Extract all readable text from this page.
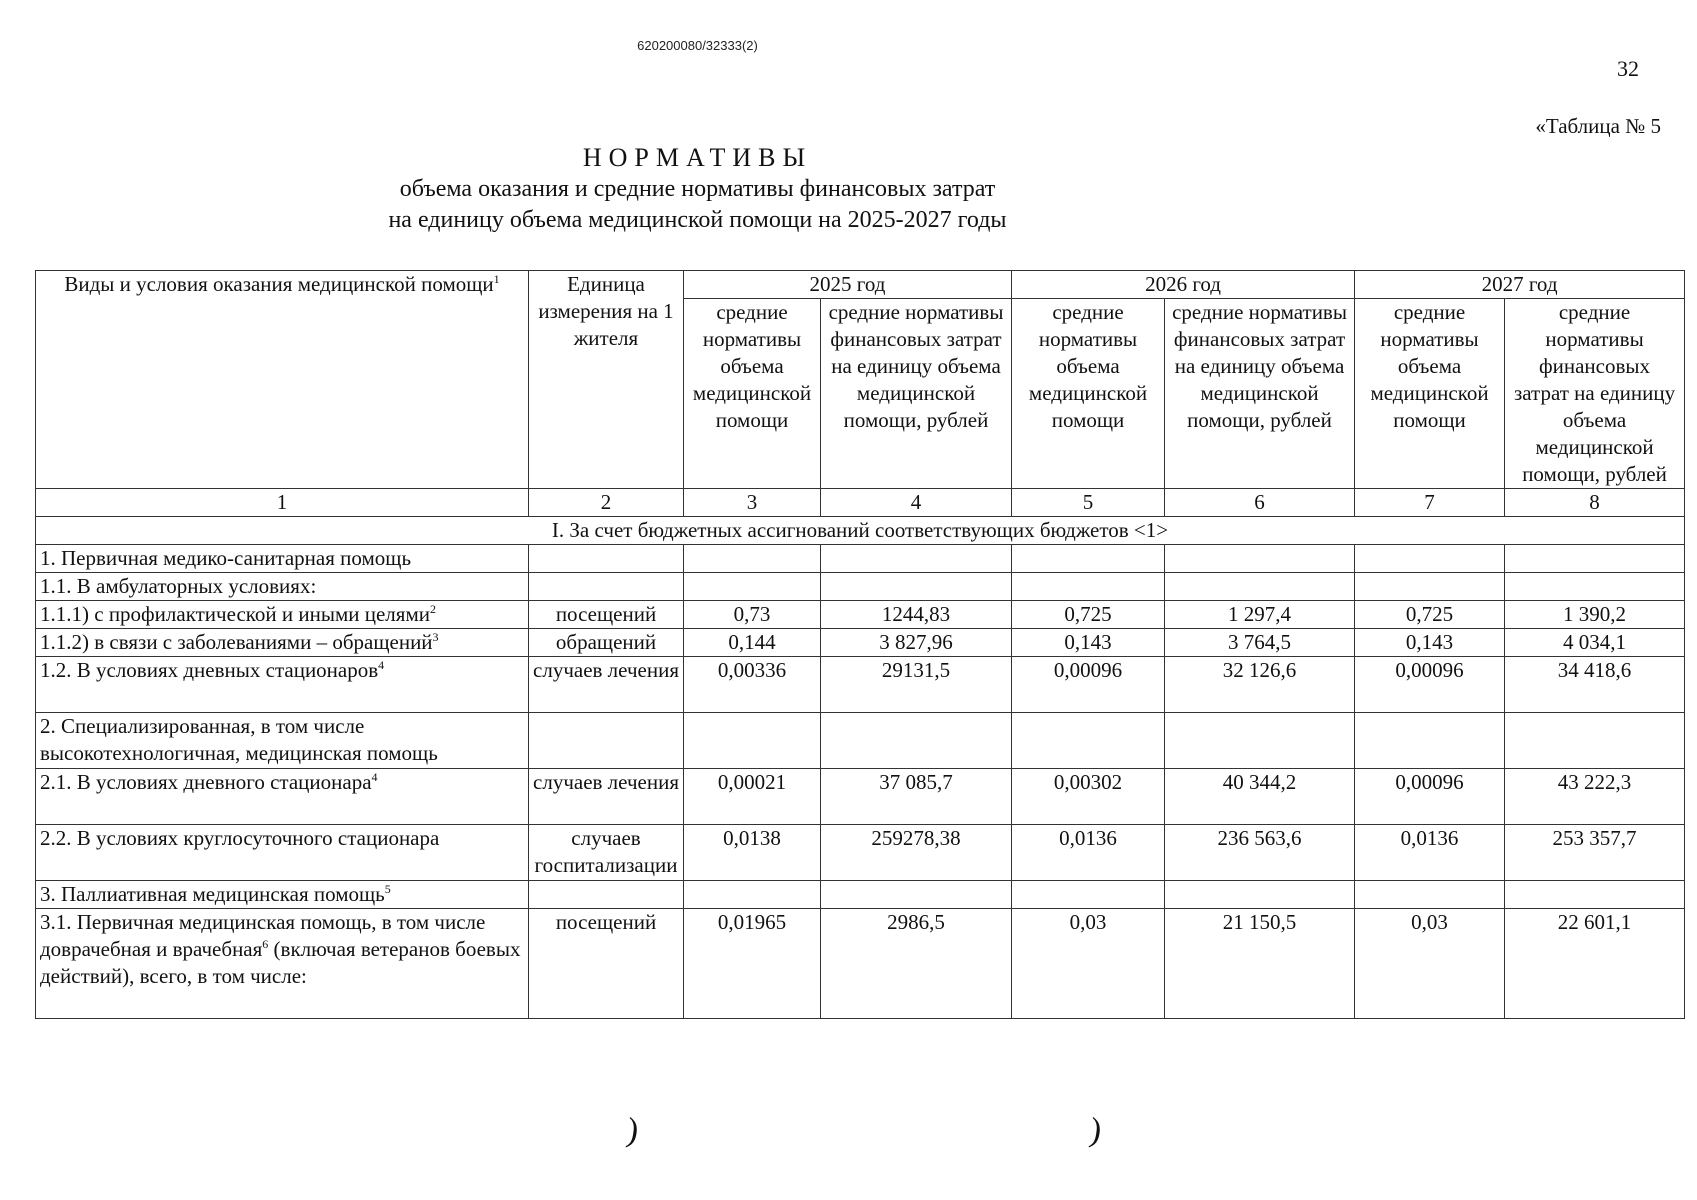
620200080/32333(2)
32
«Таблица № 5
НОРМАТИВЫ
объема оказания и средние нормативы финансовых затрат
на единицу объема медицинской помощи на 2025-2027 годы
Виды и условия оказания медицинской помощи$^1$	Единица измерения на 1 жителя	2025 год		2026 год		2027 год	
		средние нормативы объема медицинской помощи	средние нормативы финансовых затрат на единицу объема медицинской помощи, рублей	средние нормативы объема медицинской помощи	средние нормативы финансовых затрат на единицу объема медицинской помощи, рублей	средние нормативы объема медицинской помощи	средние нормативы финансовых затрат на единицу объема медицинской помощи, рублей
1	2	3	4	5	6	7	8
I. За счет бюджетных ассигнований соответствующих бюджетов <1>							
1. Первичная медико-санитарная помощь							
1.1. В амбулаторных условиях:							
1.1.1) с профилактической и иными целями$^2$	посещений	0,73	1244,83	0,725	1 297,4	0,725	1 390,2
1.1.2) в связи с заболеваниями – обращений$^3$	обращений	0,144	3 827,96	0,143	3 764,5	0,143	4 034,1
1.2. В условиях дневных стационаров$^4$	случаев лечения	0,00336	29131,5	0,00096	32 126,6	0,00096	34 418,6
2. Специализированная, в том числе высокотехнологичная, медицинская помощь							
2.1. В условиях дневного стационара$^4$	случаев лечения	0,00021	37 085,7	0,00302	40 344,2	0,00096	43 222,3
2.2. В условиях круглосуточного стационара	случаев госпитализации	0,0138	259278,38	0,0136	236 563,6	0,0136	253 357,7
3. Паллиативная медицинская помощь$^5$							
3.1. Первичная медицинская помощь, в том числе доврачебная и врачебная$^6$ (включая ветеранов боевых действий), всего, в том числе:	посещений	0,01965	2986,5	0,03	21 150,5	0,03	22 601,1
)	)
